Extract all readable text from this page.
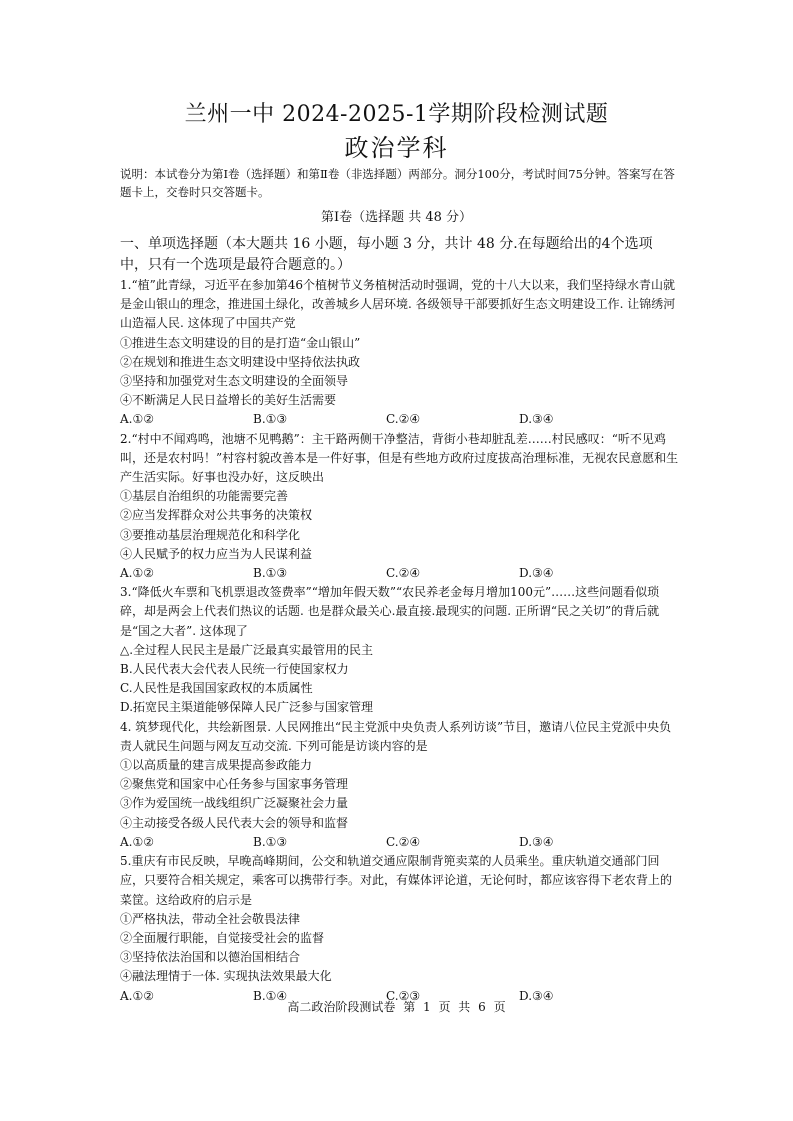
兰州一中 2024-2025-1学期阶段检测试题
政治学科
说明：本试卷分为第Ⅰ卷（选择题）和第Ⅱ卷（非选择题）两部分。洞分100分，考试时间75分钟。答案写在答题卡上，交卷时只交答题卡。
第Ⅰ卷（选择题 共 48 分）
一、单项选择题（本大题共 16 小题，每小题 3 分，共计 48 分.在每题给出的4个选项中，只有一个选项是最符合题意的。）

1.“植”此青绿，习近平在参加第46个植树节义务植树活动时强调，党的十八大以来，我们坚持绿水青山就是金山银山的理念，推进国土绿化，改善城乡人居环境. 各级领导干部要抓好生态文明建设工作. 让锦绣河山造福人民. 这体现了中国共产党

①推进生态文明建设的目的是打造“金山银山”

②在规划和推进生态文明建设中坚持依法执政

③坚持和加强党对生态文明建设的全面领导

④不断满足人民日益增长的美好生活需要

A.①②	B.①③	C.②④	D.③④

2.“村中不闻鸡鸣，池塘不见鸭鹅”：主干路两侧干净整洁，背街小巷却脏乱差……村民感叹：“听不见鸡叫，还是农村吗！”村容村貌改善本是一件好事，但是有些地方政府过度拔高治理标准，无视农民意愿和生产生活实际。好事也没办好，这反映出

①基层自治组织的功能需要完善

②应当发挥群众对公共事务的决策权

③要推动基层治理规范化和科学化

④人民赋予的权力应当为人民谋利益

A.①②	B.①③	C.②④	D.③④

3.“降低火车票和飞机票退改签费率”“增加年假天数”“农民养老金每月增加100元”……这些问题看似琐碎，却是两会上代表们热议的话题. 也是群众最关心.最直接.最现实的问题. 正所谓“民之关切”的背后就是“国之大者”. 这体现了

△.全过程人民民主是最广泛最真实最管用的民主

B.人民代表大会代表人民统一行使国家权力

C.人民性是我国国家政权的本质属性

D.拓宽民主渠道能够保障人民广泛参与国家管理

4. 筑梦现代化，共绘新图景. 人民网推出“民主党派中央负责人系列访谈”节目，邀请八位民主党派中央负责人就民生问题与网友互动交流. 下列可能是访谈内容的是

①以高质量的建言成果提高参政能力

②聚焦党和国家中心任务参与国家事务管理

③作为爱国统一战线组织广泛凝聚社会力量

④主动接受各级人民代表大会的领导和监督

A.①②	B.①③	C.②④	D.③④

5.重庆有市民反映，早晚高峰期间，公交和轨道交通应限制背篼卖菜的人员乘坐。重庆轨道交通部门回应，只要符合相关规定，乘客可以携带行李。对此，有媒体评论道，无论何时，都应该容得下老农背上的菜筐。这给政府的启示是

①严格执法，带动全社会敬畏法律

②全面履行职能，自觉接受社会的监督

③坚持依法治国和以德治国相结合

④融法理情于一体. 实现执法效果最大化

A.①②	B.①④	C.②③	D.③④
高二政治阶段测试卷 第 1 页 共 6 页
